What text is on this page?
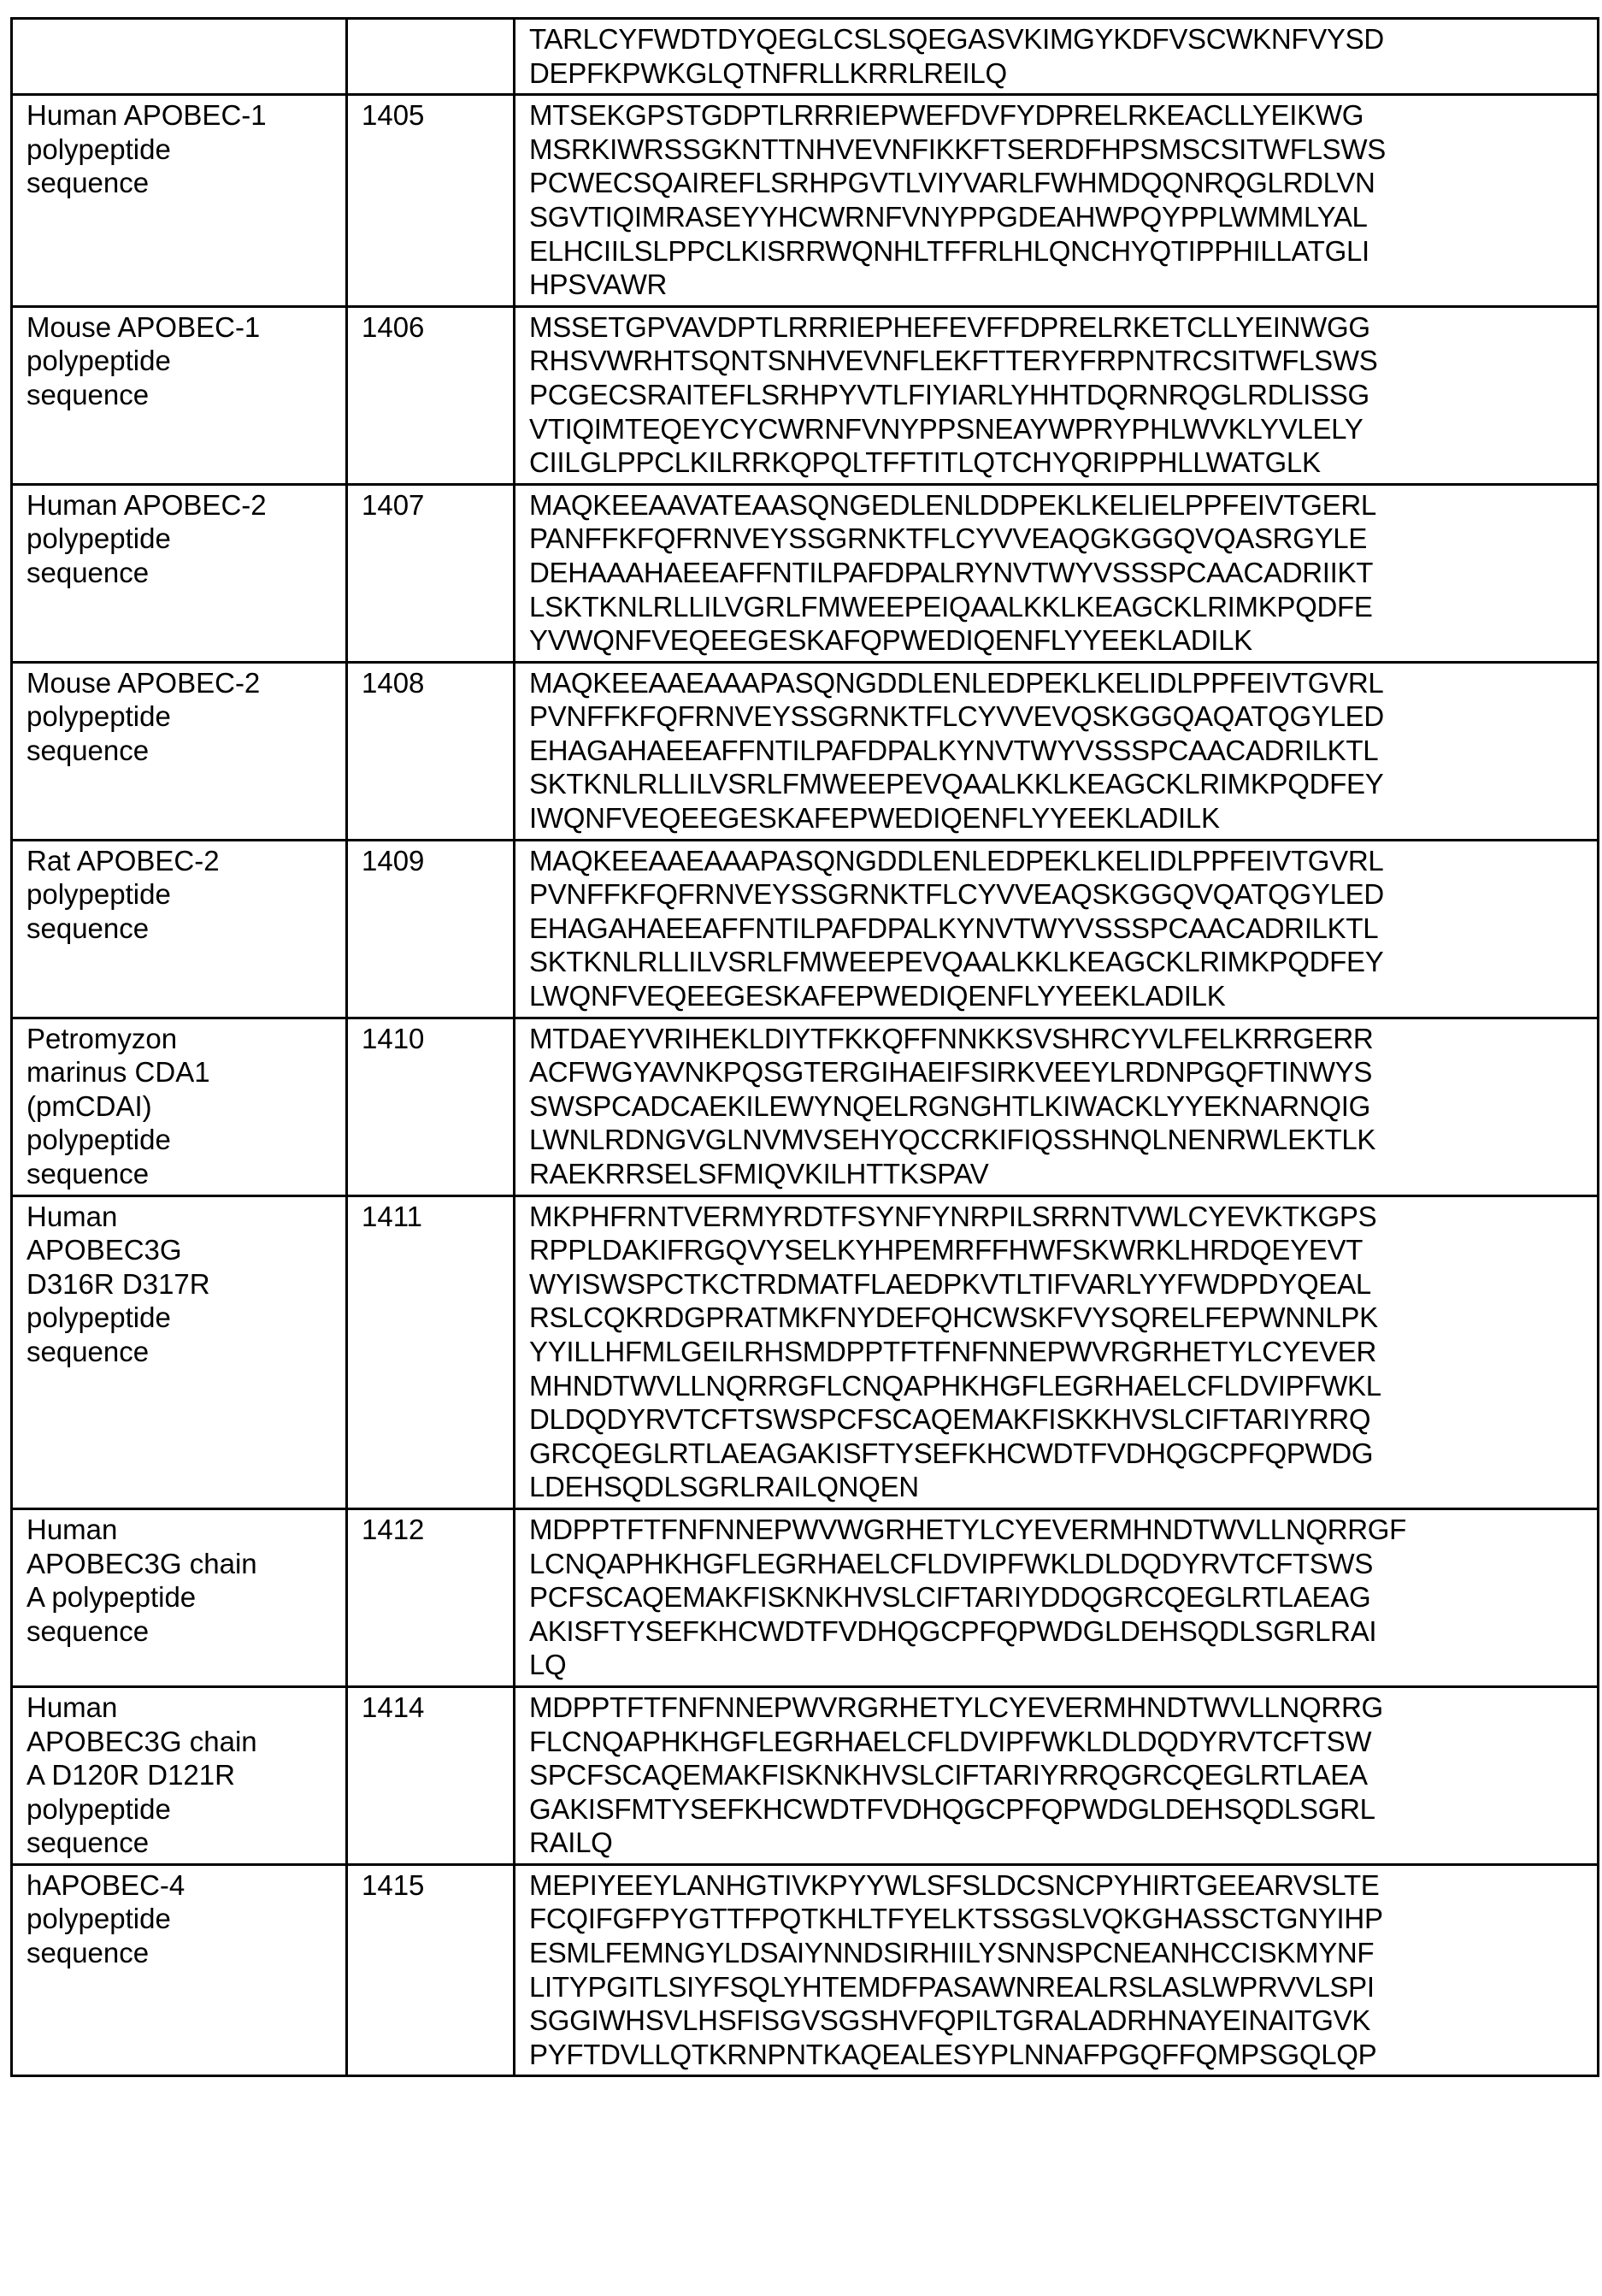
TARLCYFWDTDYQEGLCSLSQEGASVKIMGYKDFVSCWKNFVYSD
DEPFKPWKGLQTNFRLLKRRLREILQ

Human APOBEC-1
polypeptide
sequence
	1405	MTSEKGPSTGDPTLRRRIEPWEFDVFYDPRELRKEACLLYEIKWG
MSRKIWRSSGKNTTNHVEVNFIKKFTSERDFHPSMSCSITWFLSWS
PCWECSQAIREFLSRHPGVTLVIYVARLFWHMDQQNRQGLRDLVN
SGVTIQIMRASEYYHCWRNFVNYPPGDEAHWPQYPPLWMMLYAL
ELHCIILSLPPCLKISRRWQNHLTFFRLHLQNCHYQTIPPHILLATGLI
HPSVAWR

Mouse APOBEC-1
polypeptide
sequence
	1406	MSSETGPVAVDPTLRRRIEPHEFEVFFDPRELRKETCLLYEINWGG
RHSVWRHTSQNTSNHVEVNFLEKFTTERYFRPNTRCSITWFLSWS
PCGECSRAITEFLSRHPYVTLFIYIARLYHHTDQRNRQGLRDLISSG
VTIQIMTEQEYCYCWRNFVNYPPSNEAYWPRYPHLWVKLYVLELY
CIILGLPPCLKILRRKQPQLTFFTITLQTCHYQRIPPHLLWATGLK

Human APOBEC-2
polypeptide
sequence
	1407	MAQKEEAAVATEAASQNGEDLENLDDPEKLKELIELPPFEIVTGERL
PANFFKFQFRNVEYSSGRNKTFLCYVVEAQGKGGQVQASRGYLE
DEHAAAHAEEAFFNTILPAFDPALRYNVTWYVSSSPCAACADRIIKT
LSKTKNLRLLILVGRLFMWEEPEIQAALKKLKEAGCKLRIMKPQDFE
YVWQNFVEQEEGESKAFQPWEDIQENFLYYEEKLADILK

Mouse APOBEC-2
polypeptide
sequence
	1408	MAQKEEAAEAAAPASQNGDDLENLEDPEKLKELIDLPPFEIVTGVRL
PVNFFKFQFRNVEYSSGRNKTFLCYVVEVQSKGGQAQATQGYLED
EHAGAHAEEAFFNTILPAFDPALKYNVTWYVSSSPCAACADRILKTL
SKTKNLRLLILVSRLFMWEEPEVQAALKKLKEAGCKLRIMKPQDFEY
IWQNFVEQEEGESKAFEPWEDIQENFLYYEEKLADILK

Rat APOBEC-2
polypeptide
sequence
	1409	MAQKEEAAEAAAPASQNGDDLENLEDPEKLKELIDLPPFEIVTGVRL
PVNFFKFQFRNVEYSSGRNKTFLCYVVEAQSKGGQVQATQGYLED
EHAGAHAEEAFFNTILPAFDPALKYNVTWYVSSSPCAACADRILKTL
SKTKNLRLLILVSRLFMWEEPEVQAALKKLKEAGCKLRIMKPQDFEY
LWQNFVEQEEGESKAFEPWEDIQENFLYYEEKLADILK

Petromyzon
marinus CDA1
(pmCDAI)
polypeptide
sequence
	1410	MTDAEYVRIHEKLDIYTFKKQFFNNKKSVSHRCYVLFELKRRGERR
ACFWGYAVNKPQSGTERGIHAEIFSIRKVEEYLRDNPGQFTINWYS
SWSPCADCAEKILEWYNQELRGNGHTLKIWACKLYYEKNARNQIG
LWNLRDNGVGLNVMVSEHYQCCRKIFIQSSHNQLNENRWLEKTLK
RAEKRRSELSFMIQVKILHTTKSPAV

Human
APOBEC3G
D316R D317R
polypeptide
sequence
	1411	MKPHFRNTVERMYRDTFSYNFYNRPILSRRNTVWLCYEVKTKGPS
RPPLDAKIFRGQVYSELKYHPEMRFFHWFSKWRKLHRDQEYEVT
WYISWSPCTKCTRDMATFLAEDPKVTLTIFVARLYYFWDPDYQEAL
RSLCQKRDGPRATMKFNYDEFQHCWSKFVYSQRELFEPWNNLPK
YYILLHFMLGEILRHSMDPPTFTFNFNNEPWVRGRHETYLCYEVER
MHNDTWVLLNQRRGFLCNQAPHKHGFLEGRHAELCFLDVIPFWKL
DLDQDYRVTCFTSWSPCFSCAQEMAKFISKKHVSLCIFTARIYRRQ
GRCQEGLRTLAEAGAKISFTYSEFKHCWDTFVDHQGCPFQPWDG
LDEHSQDLSGRLRAILQNQEN

Human
APOBEC3G chain
A polypeptide
sequence
	1412	MDPPTFTFNFNNEPWVWGRHETYLCYEVERMHNDTWVLLNQRRGF
LCNQAPHKHGFLEGRHAELCFLDVIPFWKLDLDQDYRVTCFTSWS
PCFSCAQEMAKFISKNKHVSLCIFTARIYDDQGRCQEGLRTLAEAG
AKISFTYSEFKHCWDTFVDHQGCPFQPWDGLDEHSQDLSGRLRAI
LQ

Human
APOBEC3G chain
A D120R D121R
polypeptide
sequence
	1414	MDPPTFTFNFNNEPWVRGRHETYLCYEVERMHNDTWVLLNQRRG
FLCNQAPHKHGFLEGRHAELCFLDVIPFWKLDLDQDYRVTCFTSW
SPCFSCAQEMAKFISKNKHVSLCIFTARIYRRQGRCQEGLRTLAEA
GAKISFMTYSEFKHCWDTFVDHQGCPFQPWDGLDEHSQDLSGRL
RAILQ

hAPOBEC-4
polypeptide
sequence
	1415	MEPIYEEYLANHGTIVKPYYWLSFSLDCSNCPYHIRTGEEARVSLTE
FCQIFGFPYGTTFPQTKHLTFYELKTSSGSLVQKGHASSCTGNYIHP
ESMLFEMNGYLDSAIYNNDSIRHIILYSNNSPCNEANHCCISKMYNF
LITYPGITLSIYFSQLYHTEMDFPASAWNREALRSLASLWPRVVLSPI
SGGIWHSVLHSFISGVSGSHVFQPILTGRALADRHNAYEINAITGVK
PYFTDVLLQTKRNPNTKAQEALESYPLNNAFPGQFFQMPSGQLQP
